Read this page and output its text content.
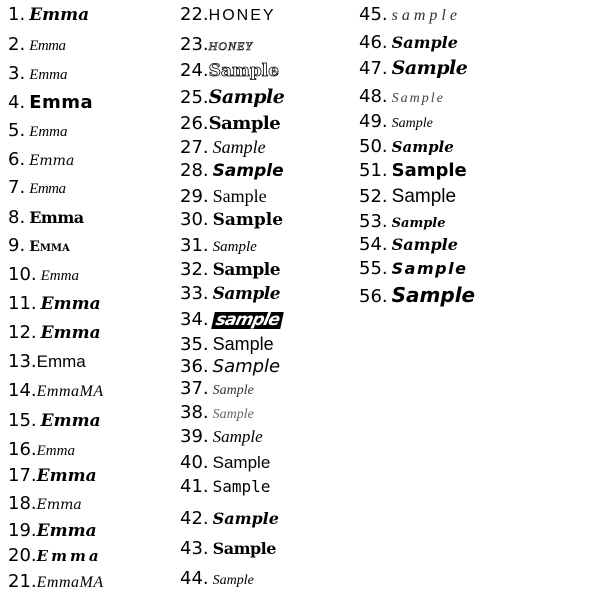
1. Emma
2. Emma
3. Emma
4. Emma
5. Emma
6. Emma
7. Emma
8. Emma
9. Emma
10. Emma
11. Emma
12. Emma
13. Emma
14. EmmaMA
15. Emma
16. Emma
17. Emma
18. Emma
19. Emma
20. Emma
21. EmmaMA
22. HONEY
23. HONEY
24. Sample
25. Sample
26. Sample
27. Sample
28. Sample
29. Sample
30. Sample
31. Sample
32. Sample
33. Sample
34. sample
35. Sample
36. Sample
37. Sample
38. Sample
39. Sample
40. Sample
41. Sample
42. Sample
43. Sample
44. Sample
45. sample
46. Sample
47. Sample
48. Sample
49. Sample
50. Sample
51. Sample
52. Sample
53. Sample
54. Sample
55. Sample
56. Sample
